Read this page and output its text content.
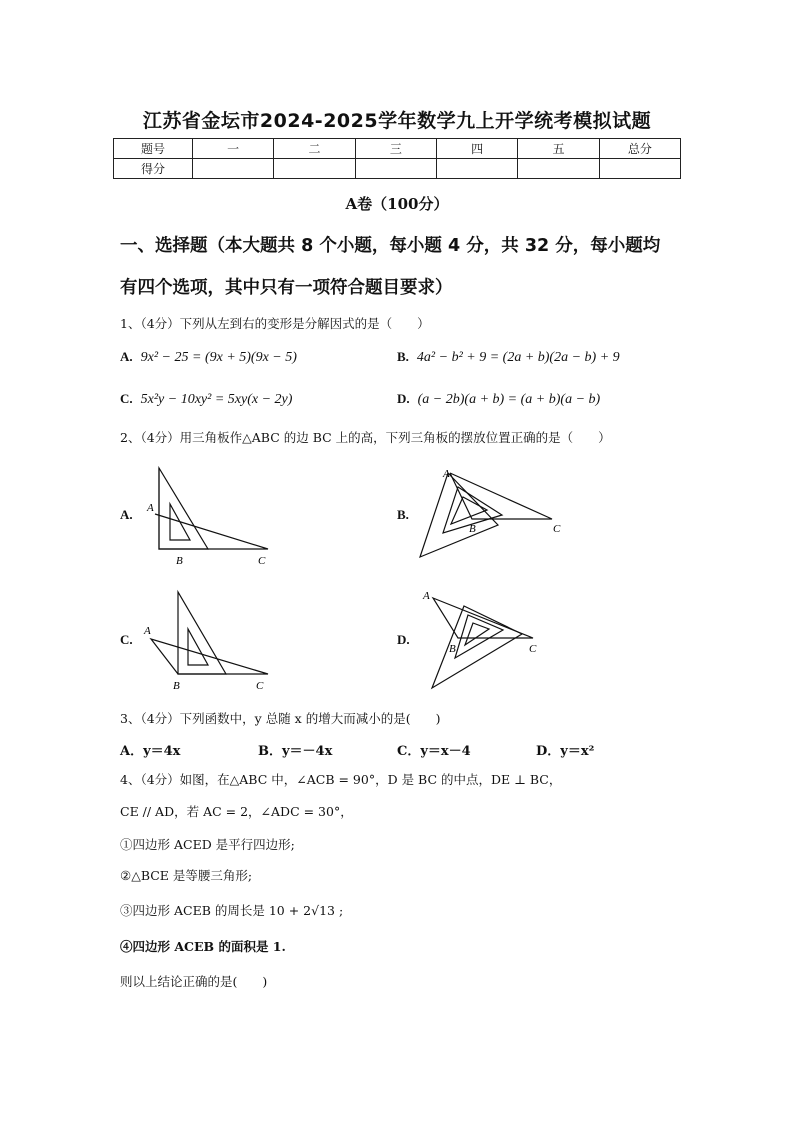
江苏省金坛市2024-2025学年数学九上开学统考模拟试题
题号	一	二	三	四	五	总分
得分						
A卷（100分）
一、选择题（本大题共 8 个小题，每小题 4 分，共 32 分，每小题均
有四个选项，其中只有一项符合题目要求）
1、（4分）下列从左到右的变形是分解因式的是（　　）
A. 9x² − 25 = (9x + 5)(9x − 5)	B. 4a² − b² + 9 = (2a + b)(2a − b) + 9
C. 5x²y − 10xy² = 5xy(x − 2y)	D. (a − 2b)(a + b) = (a + b)(a − b)
2、（4分）用三角板作△ABC 的边 BC 上的高，下列三角板的摆放位置正确的是（　　）
A. A
B	C
B.
A
B	C
C.
A
B	C
D.
A
B	C
3、（4分）下列函数中，y 总随 x 的增大而减小的是(　　)
A．y＝4x	B．y＝－4x	C．y＝x－4	D．y＝x²
4、（4分）如图，在△ABC 中，∠ACB = 90°，D 是 BC 的中点，DE ⊥ BC，
CE // AD，若 AC = 2，∠ADC = 30°，
①四边形 ACED 是平行四边形;
②△BCE 是等腰三角形;
③四边形 ACEB 的周长是 10 + 2√13 ;
④四边形 ACEB 的面积是 1.
则以上结论正确的是(　　)
